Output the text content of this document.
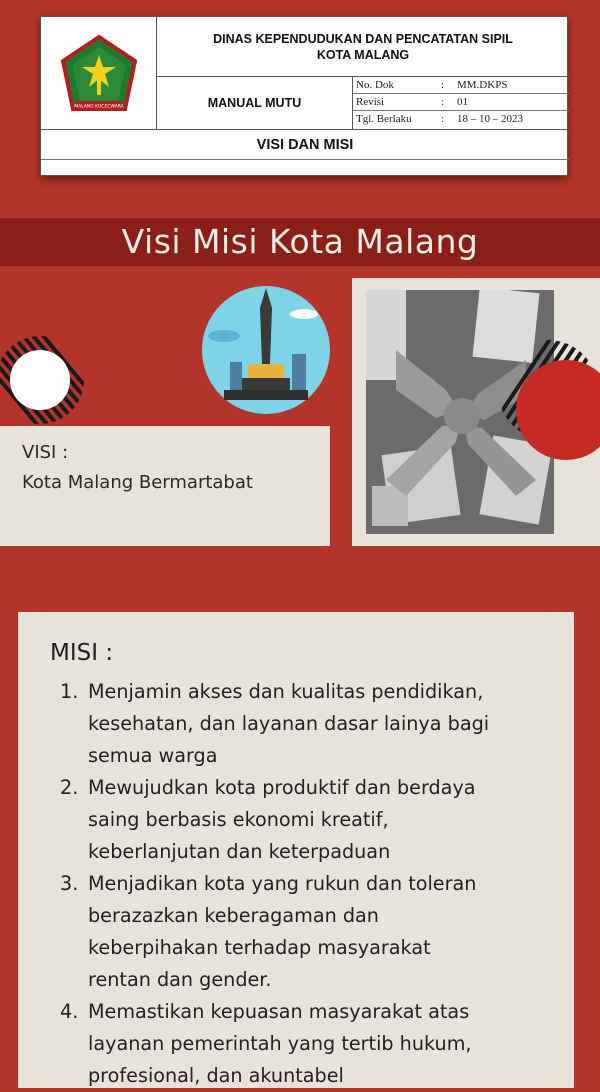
MALANG KUCECWARA
DINAS KEPENDUDUKAN DAN PENCATATAN SIPIL
KOTA MALANG
MANUAL MUTU
No. Dok	: MM.DKPS
Revisi	: 01
Tgl. Berlaku	: 18 – 10 – 2023
VISI DAN MISI
Visi Misi Kota Malang
VISI :
Kota Malang Bermartabat
MISI :
1. Menjamin akses dan kualitas pendidikan,
kesehatan, dan layanan dasar lainya bagi
semua warga
2. Mewujudkan kota produktif dan berdaya
saing berbasis ekonomi kreatif,
keberlanjutan dan keterpaduan
3. Menjadikan kota yang rukun dan toleran
berazazkan keberagaman dan
keberpihakan terhadap masyarakat
rentan dan gender.
4. Memastikan kepuasan masyarakat atas
layanan pemerintah yang tertib hukum,
profesional, dan akuntabel
